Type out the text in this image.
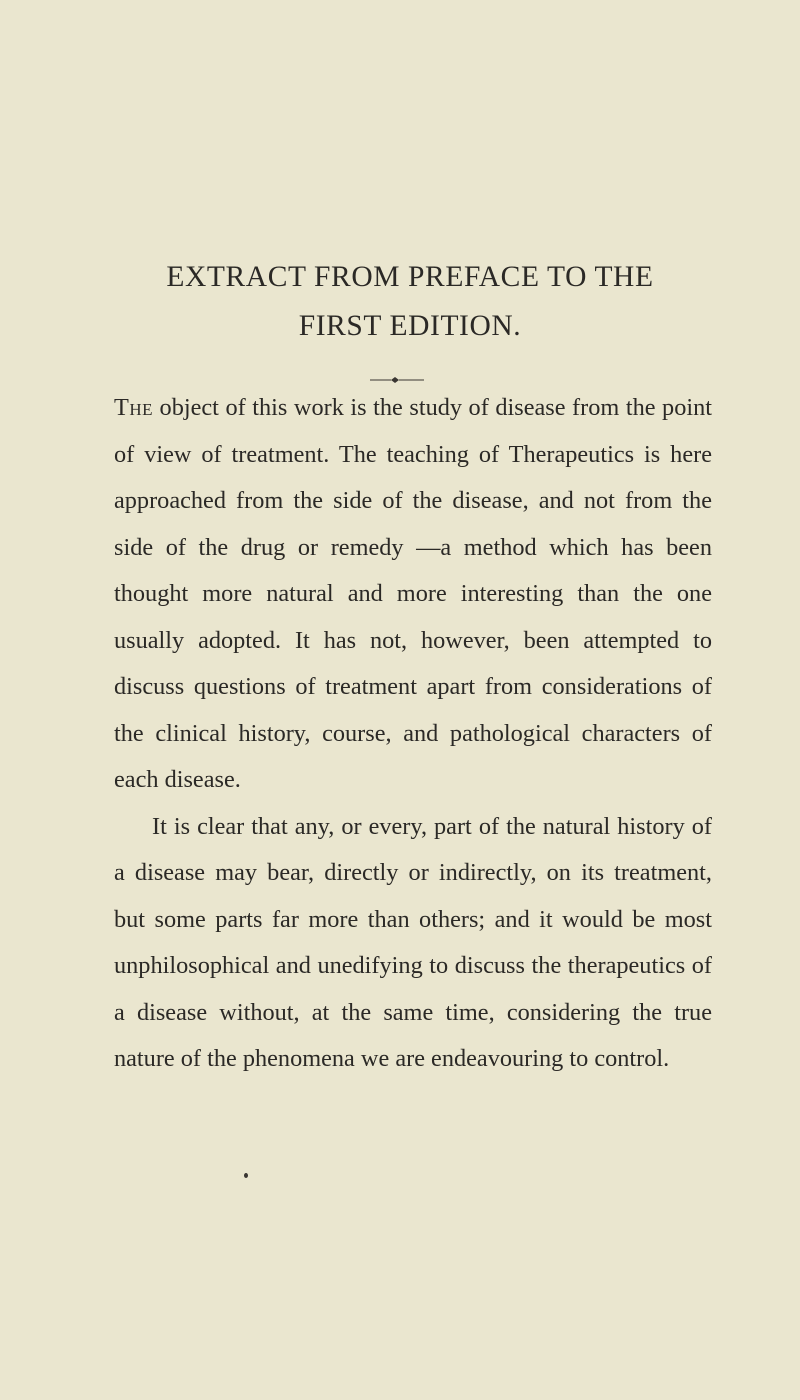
EXTRACT FROM PREFACE TO THE
FIRST EDITION.

The object of this work is the study of disease from the point of view of treatment. The teaching of Therapeutics is here approached from the side of the disease, and not from the side of the drug or remedy —a method which has been thought more natural and more interesting than the one usually adopted. It has not, however, been attempted to discuss questions of treatment apart from considerations of the clinical history, course, and pathological characters of each disease.

It is clear that any, or every, part of the natural history of a disease may bear, directly or indirectly, on its treatment, but some parts far more than others; and it would be most unphilosophical and unedifying to discuss the therapeutics of a disease without, at the same time, considering the true nature of the phenomena we are endeavouring to control.
